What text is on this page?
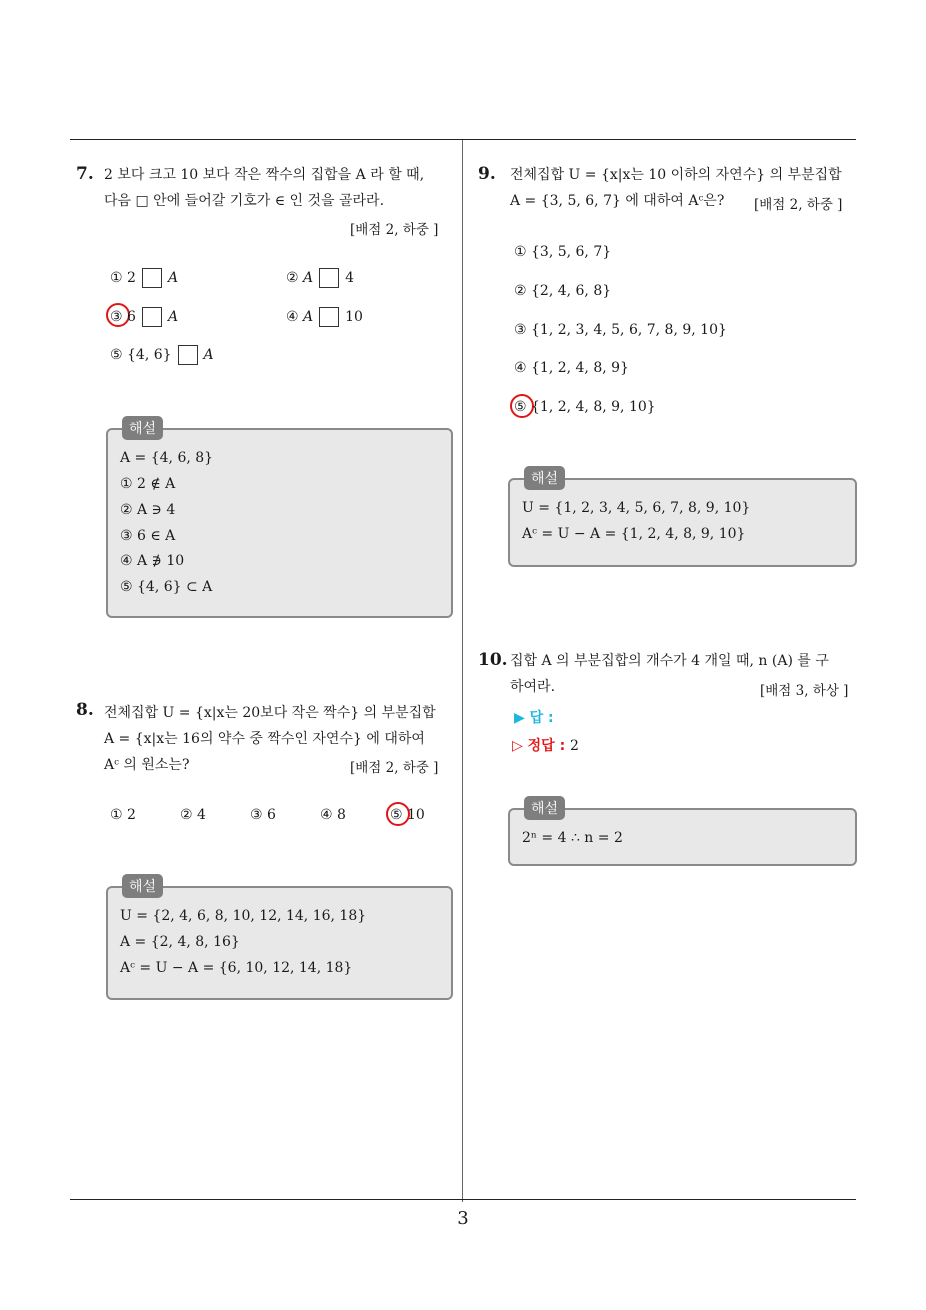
7. 2 보다 크고 10 보다 작은 짝수의 집합을 A 라 할 때,
다음 □ 안에 들어갈 기호가 ∈ 인 것을 골라라.
[배점 2, 하중 ]
① 2 A	② A 4
③ 6 A	④ A 10
⑤ {4, 6} A
해설
A = {4, 6, 8}
① 2 ∉ A
② A ∋ 4
③ 6 ∈ A
④ A ∌ 10
⑤ {4, 6} ⊂ A
8. 전체집합 U = {x|x는 20보다 작은 짝수} 의 부분집합
A = {x|x는 16의 약수 중 짝수인 자연수} 에 대하여
Aᶜ 의 원소는?	[배점 2, 하중 ]
① 2	② 4	③ 6	④ 8	⑤ 10
해설
U = {2, 4, 6, 8, 10, 12, 14, 16, 18}
A = {2, 4, 8, 16}
Aᶜ = U − A = {6, 10, 12, 14, 18}
9. 전체집합 U = {x|x는 10 이하의 자연수} 의 부분집합
A = {3, 5, 6, 7} 에 대하여 Aᶜ은? [배점 2, 하중 ]
① {3, 5, 6, 7}
② {2, 4, 6, 8}
③ {1, 2, 3, 4, 5, 6, 7, 8, 9, 10}
④ {1, 2, 4, 8, 9}
⑤ {1, 2, 4, 8, 9, 10}
해설
U = {1, 2, 3, 4, 5, 6, 7, 8, 9, 10}
Aᶜ = U − A = {1, 2, 4, 8, 9, 10}
10. 집합 A 의 부분집합의 개수가 4 개일 때, n (A) 를 구
하여라.	[배점 3, 하상 ]
▶ 답 :
▷ 정답 : 2
해설
2ⁿ = 4 ∴ n = 2
3
